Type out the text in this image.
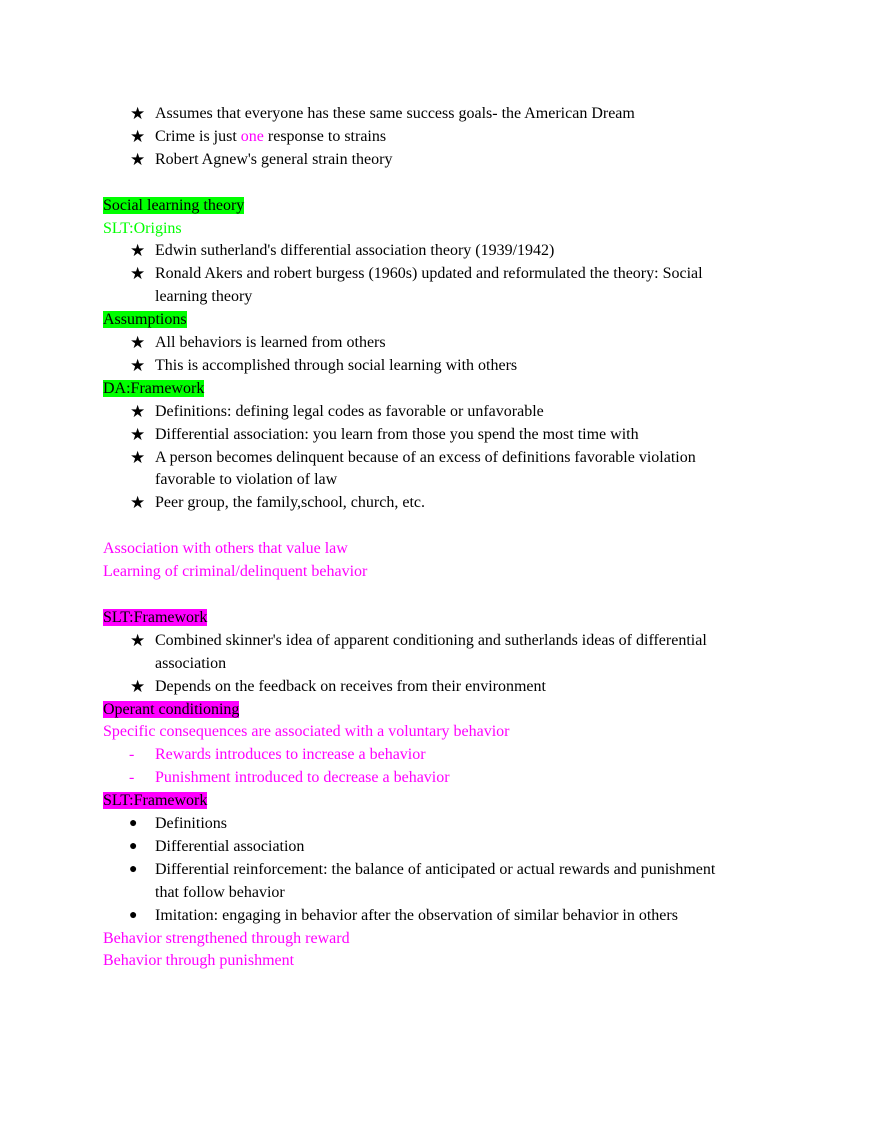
★ Assumes that everyone has these same success goals- the American Dream
★ Crime is just one response to strains
★ Robert Agnew's general strain theory
Social learning theory
SLT:Origins
★ Edwin sutherland's differential association theory (1939/1942)
★ Ronald Akers and robert burgess (1960s) updated and reformulated the theory: Social
learning theory
Assumptions
★ All behaviors is learned from others
★ This is accomplished through social learning with others
DA:Framework
★ Definitions: defining legal codes as favorable or unfavorable
★ Differential association: you learn from those you spend the most time with
★ A person becomes delinquent because of an excess of definitions favorable violation
favorable to violation of law
★ Peer group, the family,school, church, etc.
Association with others that value law
Learning of criminal/delinquent behavior
SLT:Framework
★ Combined skinner's idea of apparent conditioning and sutherlands ideas of differential
association
★ Depends on the feedback on receives from their environment
Operant conditioning
Specific consequences are associated with a voluntary behavior
-	Rewards introduces to increase a behavior
-	Punishment introduced to decrease a behavior
SLT:Framework
●	Definitions
●	Differential association
●	Differential reinforcement: the balance of anticipated or actual rewards and punishment
that follow behavior
●	Imitation: engaging in behavior after the observation of similar behavior in others
Behavior strengthened through reward
Behavior through punishment
